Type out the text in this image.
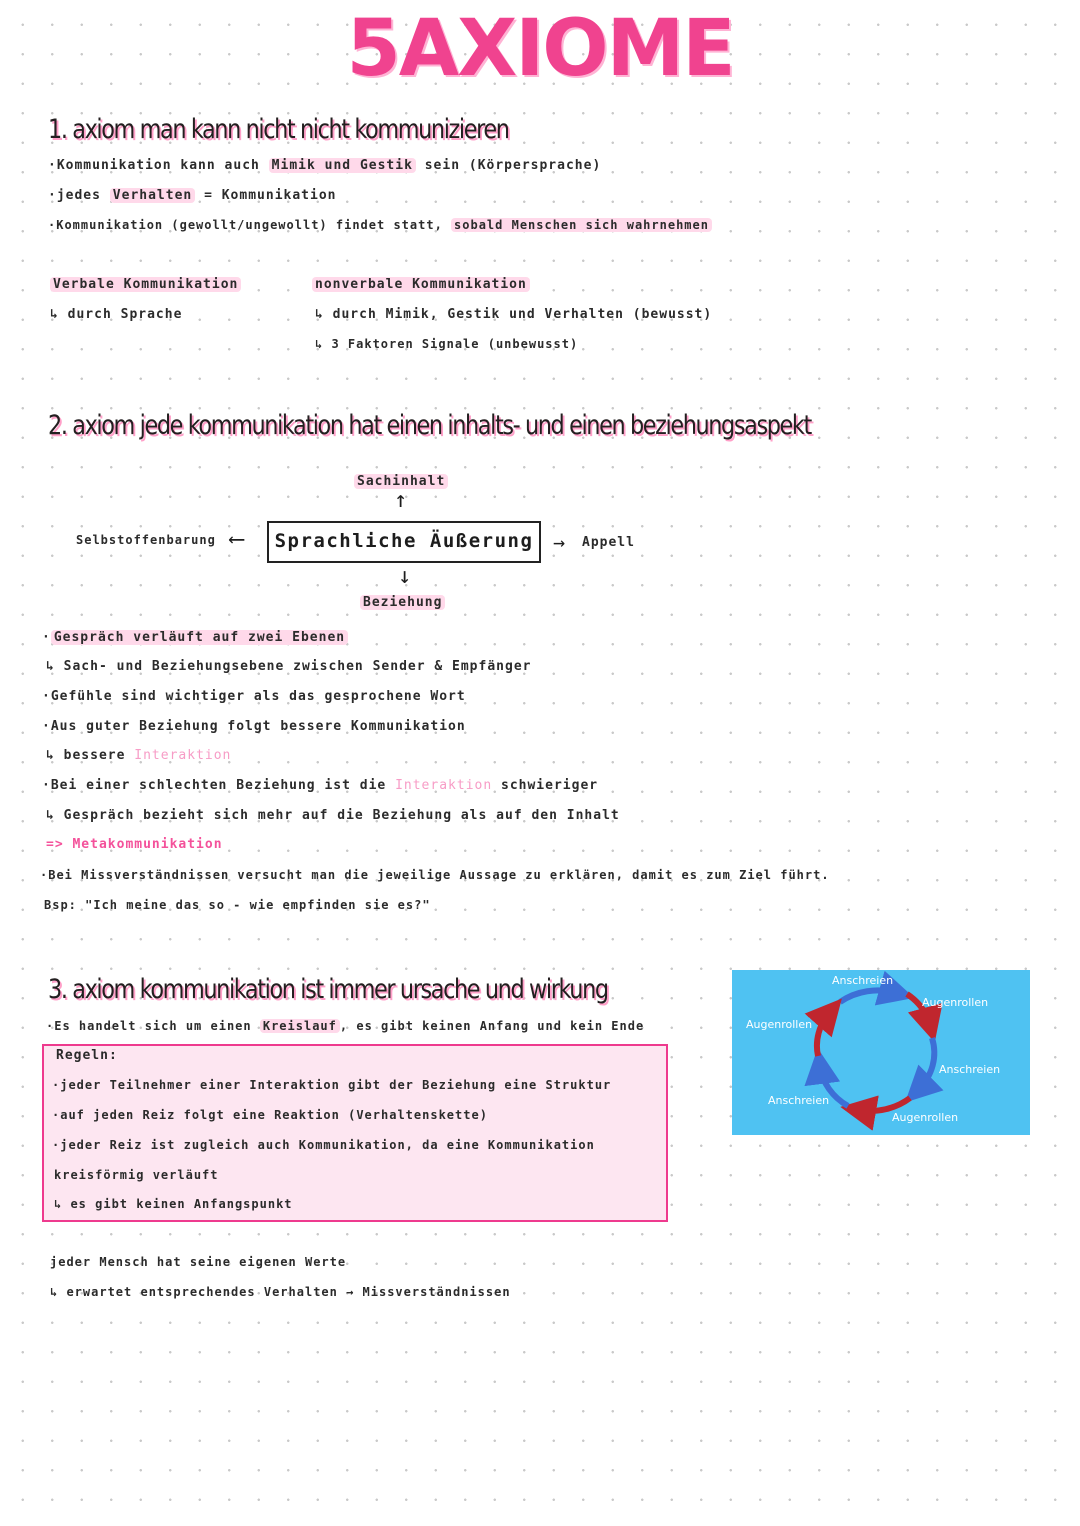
5AXIOME
1. axiom man kann nicht nicht kommunizieren
·Kommunikation kann auch Mimik und Gestik sein (Körpersprache)
·jedes Verhalten = Kommunikation
·Kommunikation (gewollt/ungewollt) findet statt, sobald Menschen sich wahrnehmen
Verbale Kommunikation
↳ durch Sprache
nonverbale Kommunikation
↳ durch Mimik, Gestik und Verhalten (bewusst)
↳ 3 Faktoren Signale (unbewusst)
2. axiom jede kommunikation hat einen inhalts- und einen beziehungsaspekt
Sachinhalt
↑
Selbstoffenbarung ⟵	Sprachliche Äußerung → Appell
↓
Beziehung
· Gespräch verläuft auf zwei Ebenen
↳ Sach- und Beziehungsebene zwischen Sender & Empfänger
·Gefühle sind wichtiger als das gesprochene Wort
·Aus guter Beziehung folgt bessere Kommunikation
↳ bessere Interaktion
·Bei einer schlechten Beziehung ist die Interaktion schwieriger
↳ Gespräch bezieht sich mehr auf die Beziehung als auf den Inhalt
=> Metakommunikation
·Bei Missverständnissen versucht man die jeweilige Aussage zu erklären, damit es zum Ziel führt.
Bsp: "Ich meine das so - wie empfinden sie es?"
3. axiom kommunikation ist immer ursache und wirkung
·Es handelt sich um einen Kreislauf , es gibt keinen Anfang und kein Ende
Regeln:
·jeder Teilnehmer einer Interaktion gibt der Beziehung eine Struktur
·auf jeden Reiz folgt eine Reaktion (Verhaltenskette)
·jeder Reiz ist zugleich auch Kommunikation, da eine Kommunikation
kreisförmig verläuft
↳ es gibt keinen Anfangspunkt
Anschreien
Augenrollen
Augenrollen
Anschreien
Anschreien
Augenrollen
jeder Mensch hat seine eigenen Werte
↳ erwartet entsprechendes Verhalten → Missverständnissen
